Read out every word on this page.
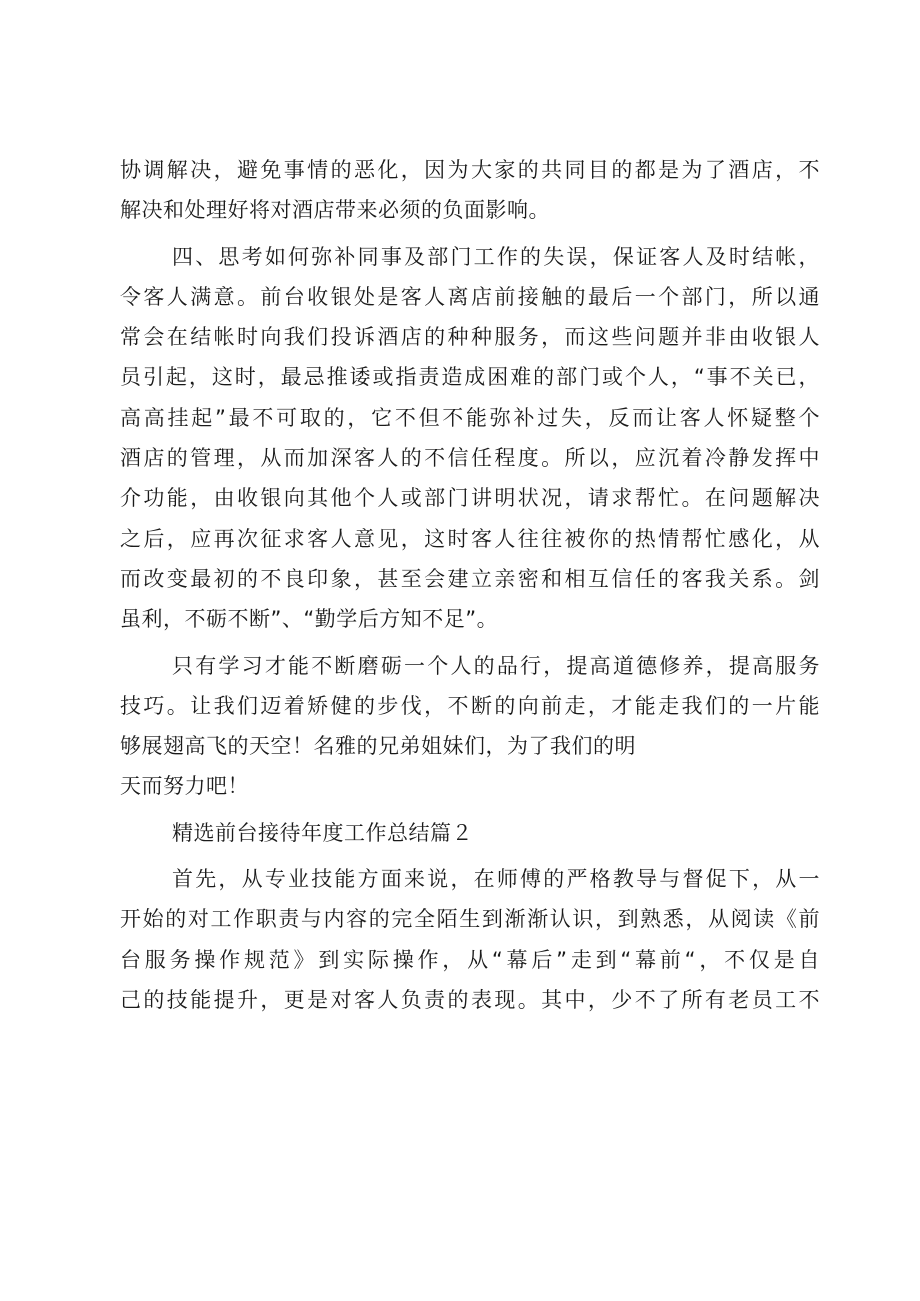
协调解决，避免事情的恶化，因为大家的共同目的都是为了酒店，不
解决和处理好将对酒店带来必须的负面影响。
四、思考如何弥补同事及部门工作的失误，保证客人及时结帐，
令客人满意。前台收银处是客人离店前接触的最后一个部门，所以通
常会在结帐时向我们投诉酒店的种种服务，而这些问题并非由收银人
员引起，这时，最忌推诿或指责造成困难的部门或个人，“事不关已，
高高挂起”最不可取的，它不但不能弥补过失，反而让客人怀疑整个
酒店的管理，从而加深客人的不信任程度。所以，应沉着冷静发挥中
介功能，由收银向其他个人或部门讲明状况，请求帮忙。在问题解决
之后，应再次征求客人意见，这时客人往往被你的热情帮忙感化，从
而改变最初的不良印象，甚至会建立亲密和相互信任的客我关系。剑
虽利，不砺不断”、“勤学后方知不足”。
只有学习才能不断磨砺一个人的品行，提高道德修养，提高服务
技巧。让我们迈着矫健的步伐，不断的向前走，才能走我们的一片能
够展翅高飞的天空！名雅的兄弟姐妹们，为了我们的明
天而努力吧！
精选前台接待年度工作总结篇２
首先，从专业技能方面来说，在师傅的严格教导与督促下，从一
开始的对工作职责与内容的完全陌生到渐渐认识，到熟悉，从阅读《前
台服务操作规范》到实际操作，从“幕后”走到“幕前“，不仅是自
己的技能提升，更是对客人负责的表现。其中，少不了所有老员工不
